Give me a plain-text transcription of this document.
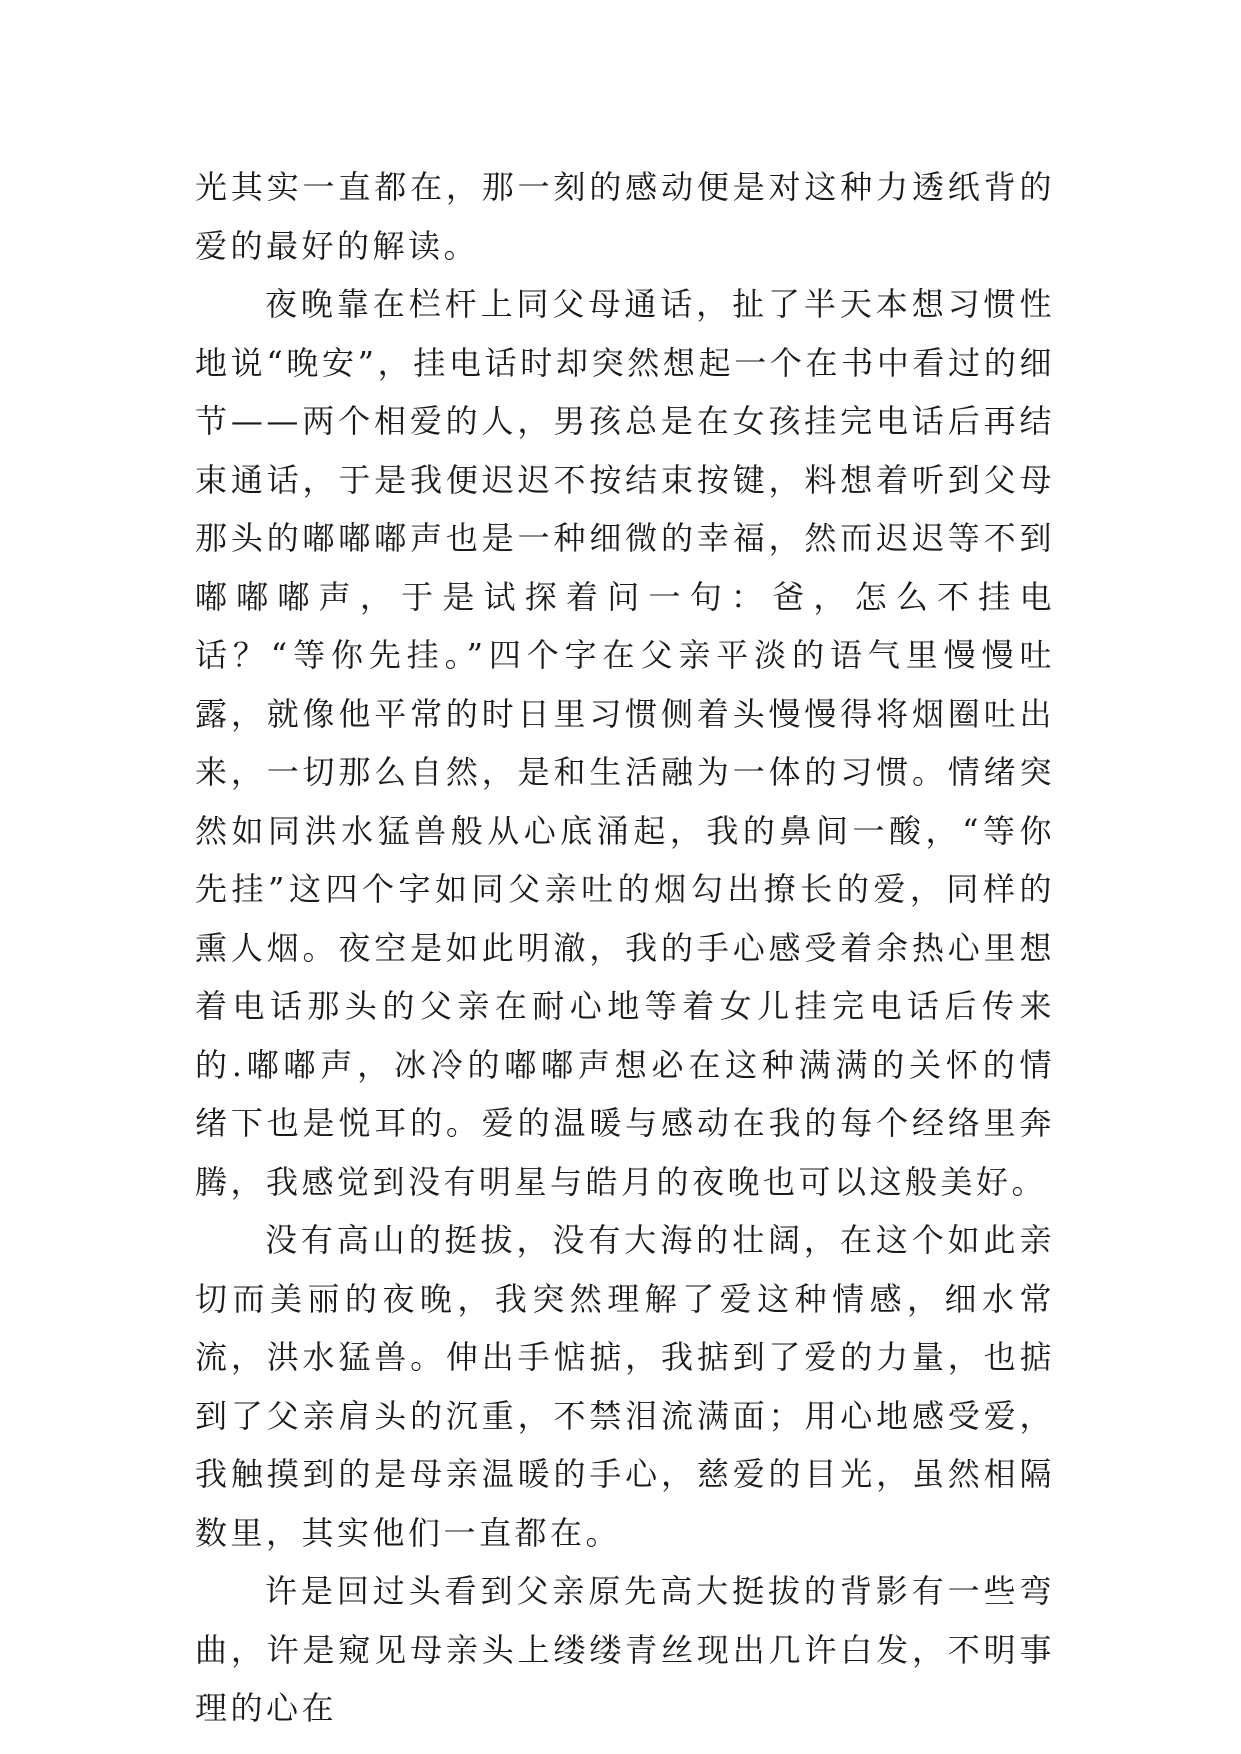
光其实一直都在，那一刻的感动便是对这种力透纸背的爱的最好的解读。

夜晚靠在栏杆上同父母通话，扯了半天本想习惯性地说“晚安”，挂电话时却突然想起一个在书中看过的细节——两个相爱的人，男孩总是在女孩挂完电话后再结束通话，于是我便迟迟不按结束按键，料想着听到父母那头的嘟嘟嘟声也是一种细微的幸福，然而迟迟等不到嘟嘟嘟声，于是试探着问一句：爸，怎么不挂电话？“等你先挂。”四个字在父亲平淡的语气里慢慢吐露，就像他平常的时日里习惯侧着头慢慢得将烟圈吐出来，一切那么自然，是和生活融为一体的习惯。情绪突然如同洪水猛兽般从心底涌起，我的鼻间一酸，“等你先挂”这四个字如同父亲吐的烟勾出撩长的爱，同样的熏人烟。夜空是如此明澈，我的手心感受着余热心里想着电话那头的父亲在耐心地等着女儿挂完电话后传来的.嘟嘟声，冰冷的嘟嘟声想必在这种满满的关怀的情绪下也是悦耳的。爱的温暖与感动在我的每个经络里奔腾，我感觉到没有明星与皓月的夜晚也可以这般美好。

没有高山的挺拔，没有大海的壮阔，在这个如此亲切而美丽的夜晚，我突然理解了爱这种情感，细水常流，洪水猛兽。伸出手惦掂，我掂到了爱的力量，也掂到了父亲肩头的沉重，不禁泪流满面；用心地感受爱，我触摸到的是母亲温暖的手心，慈爱的目光，虽然相隔数里，其实他们一直都在。

许是回过头看到父亲原先高大挺拔的背影有一些弯曲，许是窥见母亲头上缕缕青丝现出几许白发，不明事理的心在
